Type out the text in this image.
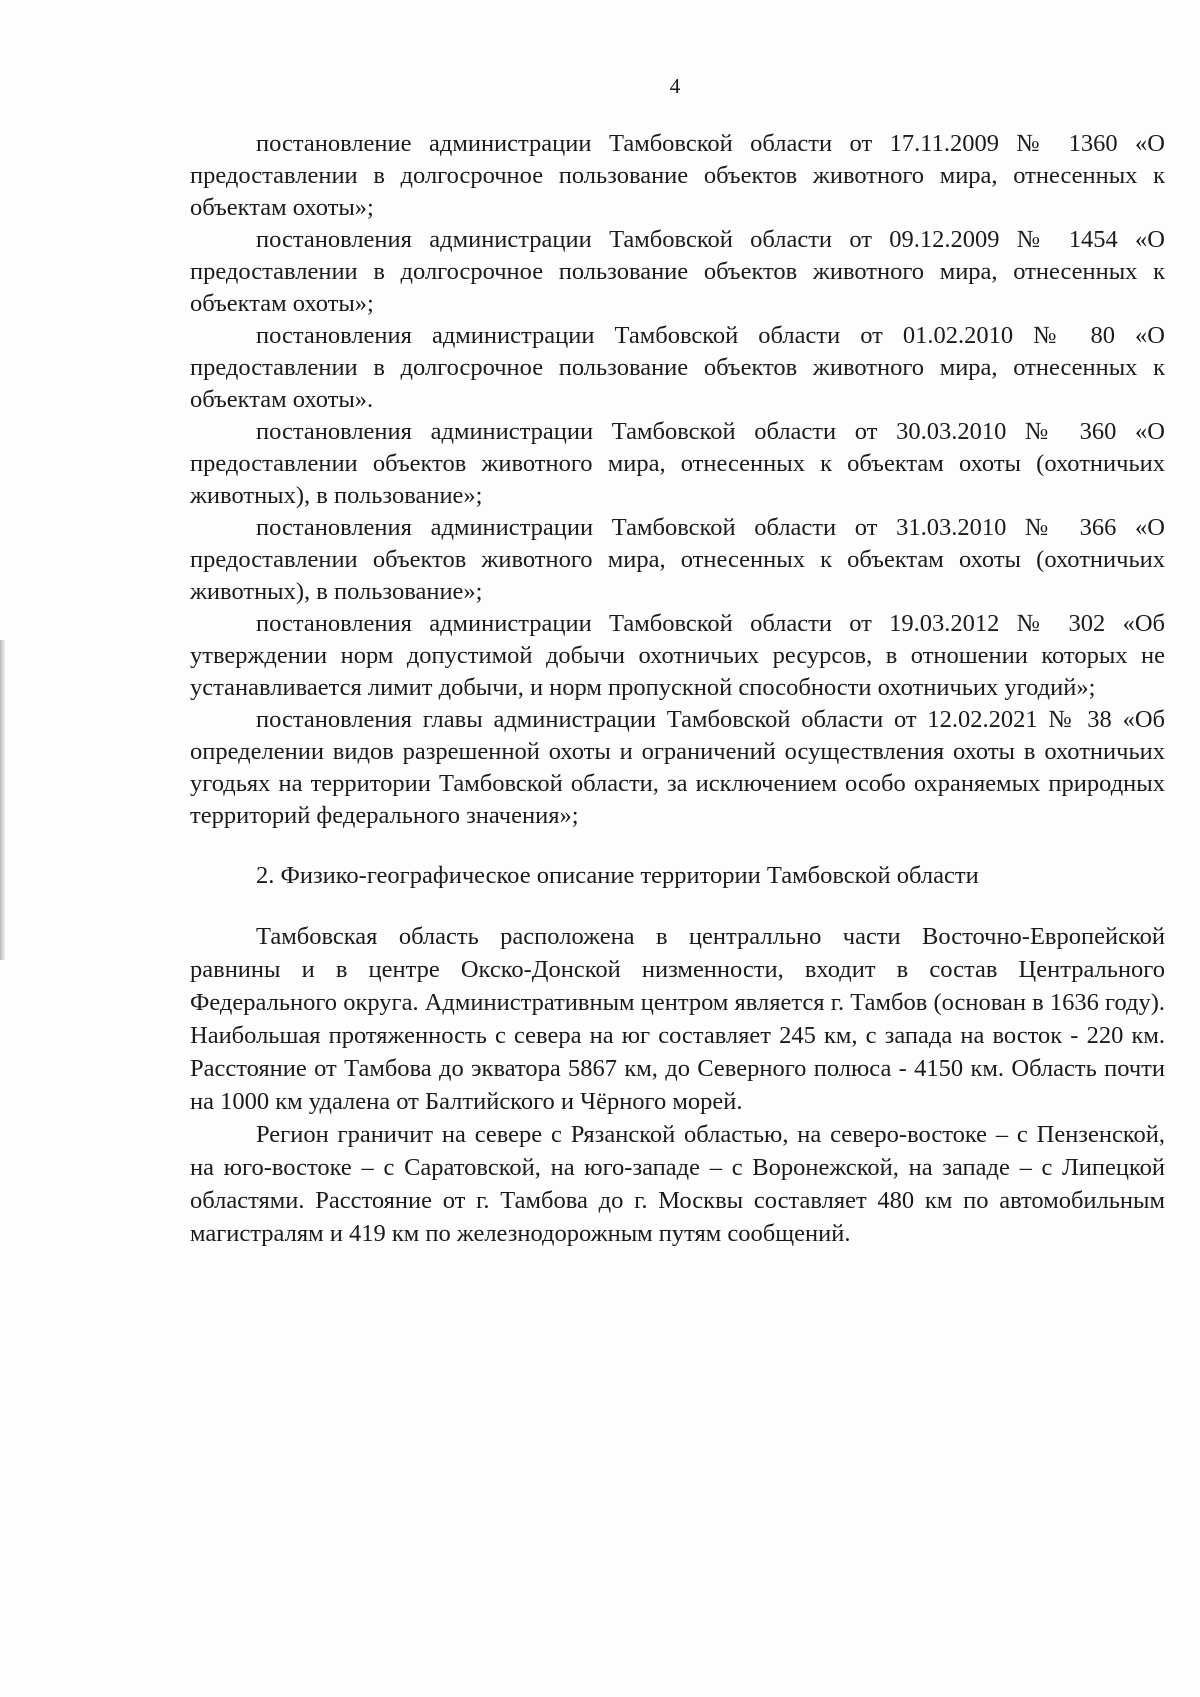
4

постановление администрации Тамбовской области от 17.11.2009 № 1360 «О предоставлении в долгосрочное пользование объектов животного мира, отнесенных к объектам охоты»;

постановления администрации Тамбовской области от 09.12.2009 № 1454 «О предоставлении в долгосрочное пользование объектов животного мира, отнесенных к объектам охоты»;

постановления администрации Тамбовской области от 01.02.2010 № 80 «О предоставлении в долгосрочное пользование объектов животного мира, отнесенных к объектам охоты».

постановления администрации Тамбовской области от 30.03.2010 № 360 «О предоставлении объектов животного мира, отнесенных к объектам охоты (охотничьих животных), в пользование»;

постановления администрации Тамбовской области от 31.03.2010 № 366 «О предоставлении объектов животного мира, отнесенных к объектам охоты (охотничьих животных), в пользование»;

постановления администрации Тамбовской области от 19.03.2012 № 302 «Об утверждении норм допустимой добычи охотничьих ресурсов, в отношении которых не устанавливается лимит добычи, и норм пропускной способности охотничьих угодий»;

постановления главы администрации Тамбовской области от 12.02.2021 № 38 «Об определении видов разрешенной охоты и ограничений осуществления охоты в охотничьих угодьях на территории Тамбовской области, за исключением особо охраняемых природных территорий федерального значения»;

2. Физико-географическое описание территории Тамбовской области

Тамбовская область расположена в централльно части Восточно-Европейской равнины и в центре Окско-Донской низменности, входит в состав Центрального Федерального округа. Административным центром является г. Тамбов (основан в 1636 году). Наибольшая протяженность с севера на юг составляет 245 км, с запада на восток - 220 км. Расстояние от Тамбова до экватора 5867 км, до Северного полюса - 4150 км. Область почти на 1000 км удалена от Балтийского и Чёрного морей.

Регион граничит на севере с Рязанской областью, на северо-востоке – с Пензенской, на юго-востоке – с Саратовской, на юго-западе – с Воронежской, на западе – с Липецкой областями. Расстояние от г. Тамбова до г. Москвы составляет 480 км по автомобильным магистралям и 419 км по железнодорожным путям сообщений.
